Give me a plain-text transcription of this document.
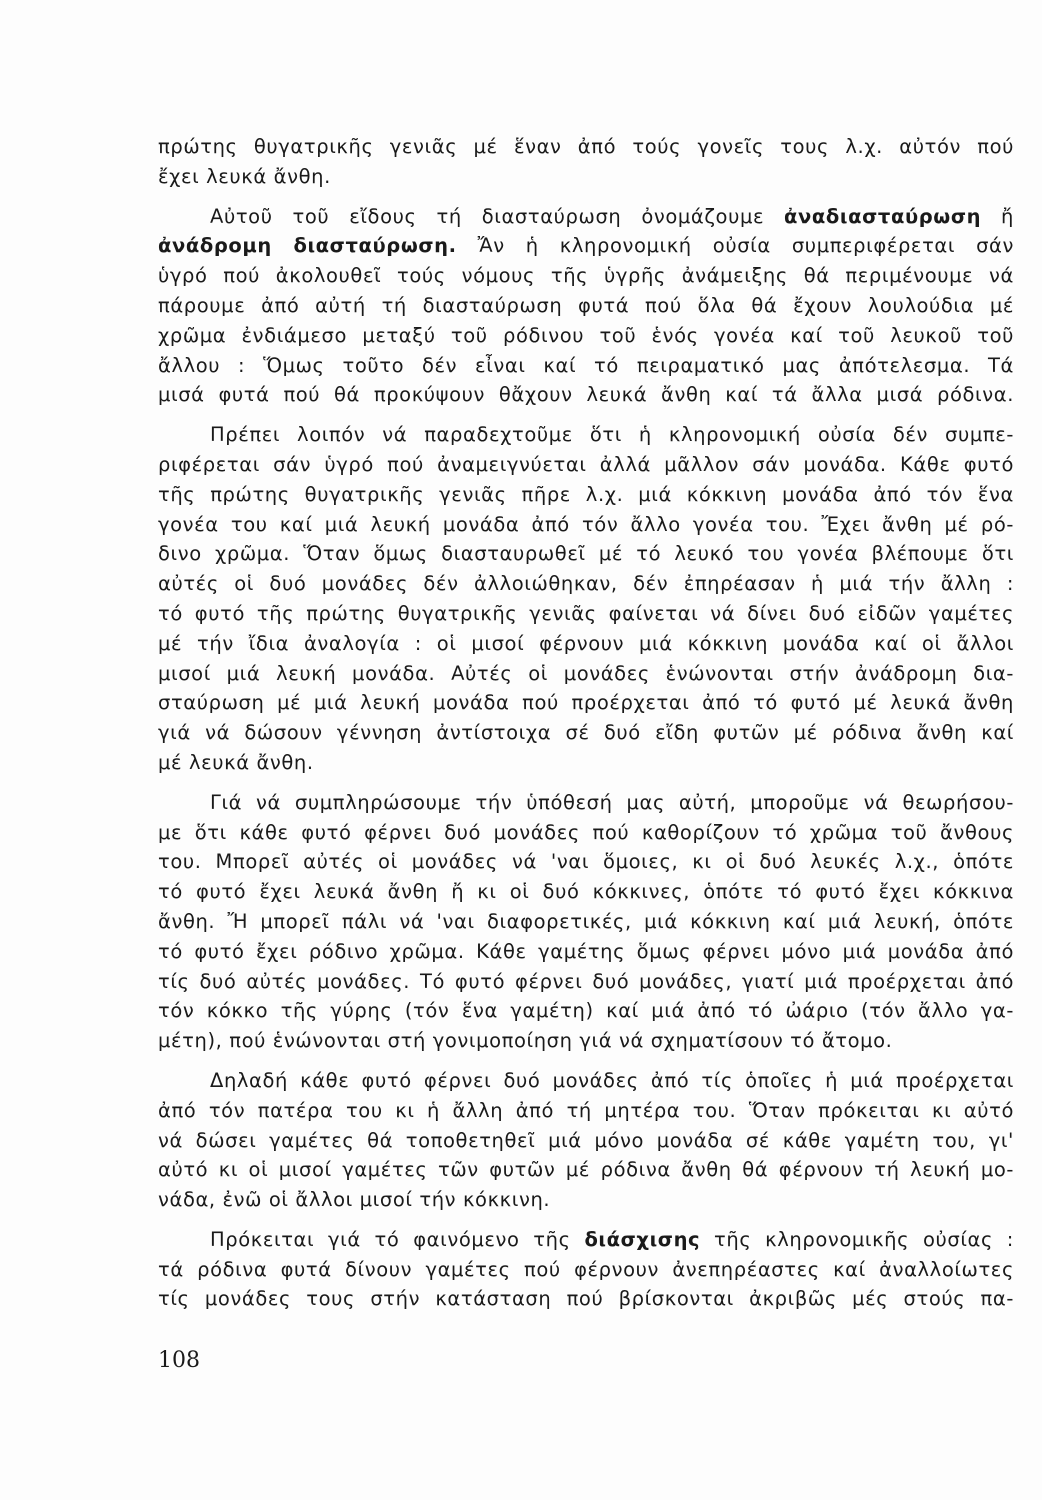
πρώτης θυγατρικῆς γενιᾶς μέ ἕναν ἀπό τούς γονεῖς τους λ.χ. αὐτόν πού
ἔχει λευκά ἄνθη.
Αὐτοῦ τοῦ εἴδους τή διασταύρωση ὀνομάζουμε ἀναδιασταύρωση ἤ
ἀνάδρομη διασταύρωση. Ἄν ἡ κληρονομική οὐσία συμπεριφέρεται σάν
ὑγρό πού ἀκολουθεῖ τούς νόμους τῆς ὑγρῆς ἀνάμειξης θά περιμένουμε νά
πάρουμε ἀπό αὐτή τή διασταύρωση φυτά πού ὅλα θά ἔχουν λουλούδια μέ
χρῶμα ἐνδιάμεσο μεταξύ τοῦ ρόδινου τοῦ ἑνός γονέα καί τοῦ λευκοῦ τοῦ
ἄλλου : Ὅμως τοῦτο δέν εἶναι καί τό πειραματικό μας ἀπότελεσμα. Τά
μισά φυτά πού θά προκύψουν θἄχουν λευκά ἄνθη καί τά ἄλλα μισά ρόδινα.
Πρέπει λοιπόν νά παραδεχτοῦμε ὅτι ἡ κληρονομική οὐσία δέν συμπε-
ριφέρεται σάν ὑγρό πού ἀναμειγνύεται ἀλλά μᾶλλον σάν μονάδα. Κάθε φυτό
τῆς πρώτης θυγατρικῆς γενιᾶς πῆρε λ.χ. μιά κόκκινη μονάδα ἀπό τόν ἕνα
γονέα του καί μιά λευκή μονάδα ἀπό τόν ἄλλο γονέα του. Ἔχει ἄνθη μέ ρό-
δινο χρῶμα. Ὅταν ὅμως διασταυρωθεῖ μέ τό λευκό του γονέα βλέπουμε ὅτι
αὐτές οἱ δυό μονάδες δέν ἀλλοιώθηκαν, δέν ἐπηρέασαν ἡ μιά τήν ἄλλη :
τό φυτό τῆς πρώτης θυγατρικῆς γενιᾶς φαίνεται νά δίνει δυό εἰδῶν γαμέτες
μέ τήν ἴδια ἀναλογία : οἱ μισοί φέρνουν μιά κόκκινη μονάδα καί οἱ ἄλλοι
μισοί μιά λευκή μονάδα. Αὐτές οἱ μονάδες ἑνώνονται στήν ἀνάδρομη δια-
σταύρωση μέ μιά λευκή μονάδα πού προέρχεται ἀπό τό φυτό μέ λευκά ἄνθη
γιά νά δώσουν γέννηση ἀντίστοιχα σέ δυό εἴδη φυτῶν μέ ρόδινα ἄνθη καί
μέ λευκά ἄνθη.
Γιά νά συμπληρώσουμε τήν ὑπόθεσή μας αὐτή, μποροῦμε νά θεωρήσου-
με ὅτι κάθε φυτό φέρνει δυό μονάδες πού καθορίζουν τό χρῶμα τοῦ ἄνθους
του. Μπορεῖ αὐτές οἱ μονάδες νά 'ναι ὅμοιες, κι οἱ δυό λευκές λ.χ., ὁπότε
τό φυτό ἔχει λευκά ἄνθη ἤ κι οἱ δυό κόκκινες, ὁπότε τό φυτό ἔχει κόκκινα
ἄνθη. Ἤ μπορεῖ πάλι νά 'ναι διαφορετικές, μιά κόκκινη καί μιά λευκή, ὁπότε
τό φυτό ἔχει ρόδινο χρῶμα. Κάθε γαμέτης ὅμως φέρνει μόνο μιά μονάδα ἀπό
τίς δυό αὐτές μονάδες. Τό φυτό φέρνει δυό μονάδες, γιατί μιά προέρχεται ἀπό
τόν κόκκο τῆς γύρης (τόν ἕνα γαμέτη) καί μιά ἀπό τό ὠάριο (τόν ἄλλο γα-
μέτη), πού ἑνώνονται στή γονιμοποίηση γιά νά σχηματίσουν τό ἄτομο.
Δηλαδή κάθε φυτό φέρνει δυό μονάδες ἀπό τίς ὁποῖες ἡ μιά προέρχεται
ἀπό τόν πατέρα του κι ἡ ἄλλη ἀπό τή μητέρα του. Ὅταν πρόκειται κι αὐτό
νά δώσει γαμέτες θά τοποθετηθεῖ μιά μόνο μονάδα σέ κάθε γαμέτη του, γι'
αὐτό κι οἱ μισοί γαμέτες τῶν φυτῶν μέ ρόδινα ἄνθη θά φέρνουν τή λευκή μο-
νάδα, ἐνῶ οἱ ἄλλοι μισοί τήν κόκκινη.
Πρόκειται γιά τό φαινόμενο τῆς διάσχισης τῆς κληρονομικῆς οὐσίας :
τά ρόδινα φυτά δίνουν γαμέτες πού φέρνουν ἀνεπηρέαστες καί ἀναλλοίωτες
τίς μονάδες τους στήν κατάσταση πού βρίσκονται ἀκριβῶς μές στούς πα-
108
